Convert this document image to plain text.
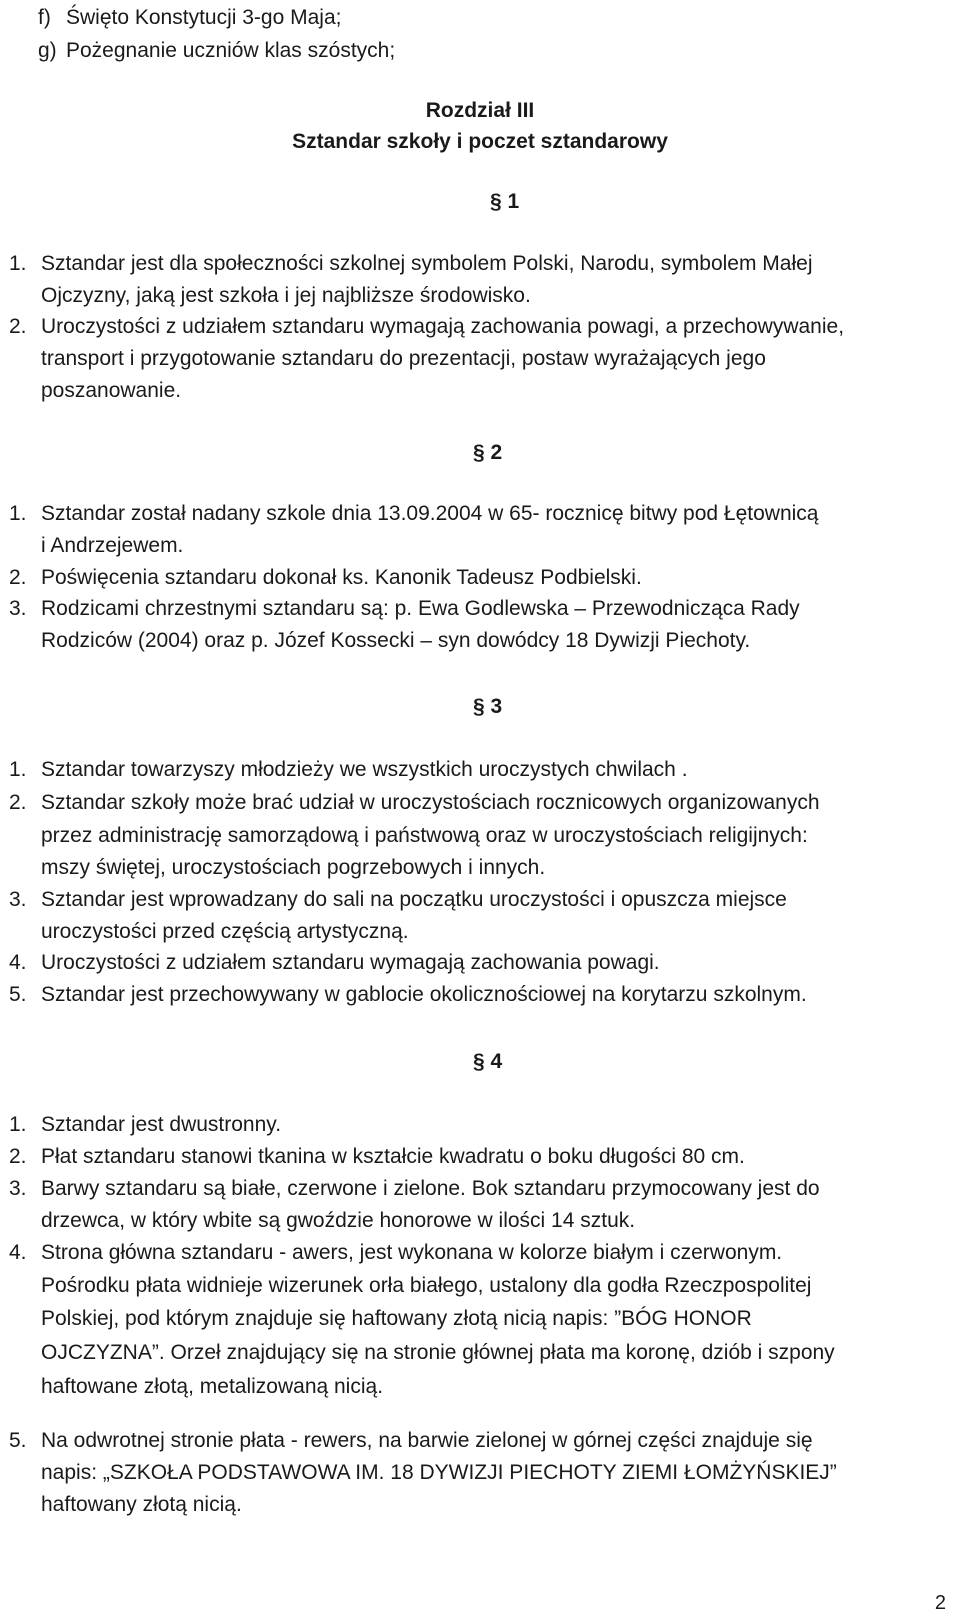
f) Święto Konstytucji 3-go Maja;
g) Pożegnanie uczniów klas szóstych;
Rozdział III
Sztandar szkoły i poczet sztandarowy
§ 1
1. Sztandar jest dla społeczności szkolnej symbolem Polski, Narodu, symbolem Małej
Ojczyzny, jaką jest szkoła i jej najbliższe środowisko.
2. Uroczystości z udziałem sztandaru wymagają zachowania powagi, a przechowywanie,
transport i przygotowanie sztandaru do prezentacji, postaw wyrażających jego
poszanowanie.
§ 2
1. Sztandar został nadany szkole dnia 13.09.2004 w 65- rocznicę bitwy pod Łętownicą
i Andrzejewem.
2. Poświęcenia sztandaru dokonał ks. Kanonik Tadeusz Podbielski.
3. Rodzicami chrzestnymi sztandaru są: p. Ewa Godlewska – Przewodnicząca Rady
Rodziców (2004) oraz p. Józef Kossecki – syn dowódcy 18 Dywizji Piechoty.
§ 3
1. Sztandar towarzyszy młodzieży we wszystkich uroczystych chwilach .
2. Sztandar szkoły może brać udział w uroczystościach rocznicowych organizowanych
przez administrację samorządową i państwową oraz w uroczystościach religijnych:
mszy świętej, uroczystościach pogrzebowych i innych.
3. Sztandar jest wprowadzany do sali na początku uroczystości i opuszcza miejsce
uroczystości przed częścią artystyczną.
4. Uroczystości z udziałem sztandaru wymagają zachowania powagi.
5. Sztandar jest przechowywany w gablocie okolicznościowej na korytarzu szkolnym.
§ 4
1. Sztandar jest dwustronny.
2. Płat sztandaru stanowi tkanina w kształcie kwadratu o boku długości 80 cm.
3. Barwy sztandaru są białe, czerwone i zielone. Bok sztandaru przymocowany jest do
drzewca, w który wbite są gwoździe honorowe w ilości 14 sztuk.
4. Strona główna sztandaru - awers, jest wykonana w kolorze białym i czerwonym.
Pośrodku płata widnieje wizerunek orła białego, ustalony dla godła Rzeczpospolitej
Polskiej, pod którym znajduje się haftowany złotą nicią napis: ”BÓG HONOR
OJCZYZNA”. Orzeł znajdujący się na stronie głównej płata ma koronę, dziób i szpony
haftowane złotą, metalizowaną nicią.
5. Na odwrotnej stronie płata - rewers, na barwie zielonej w górnej części znajduje się
napis: „SZKOŁA PODSTAWOWA IM. 18 DYWIZJI PIECHOTY ZIEMI ŁOMŻYŃSKIEJ”
haftowany złotą nicią.
2
